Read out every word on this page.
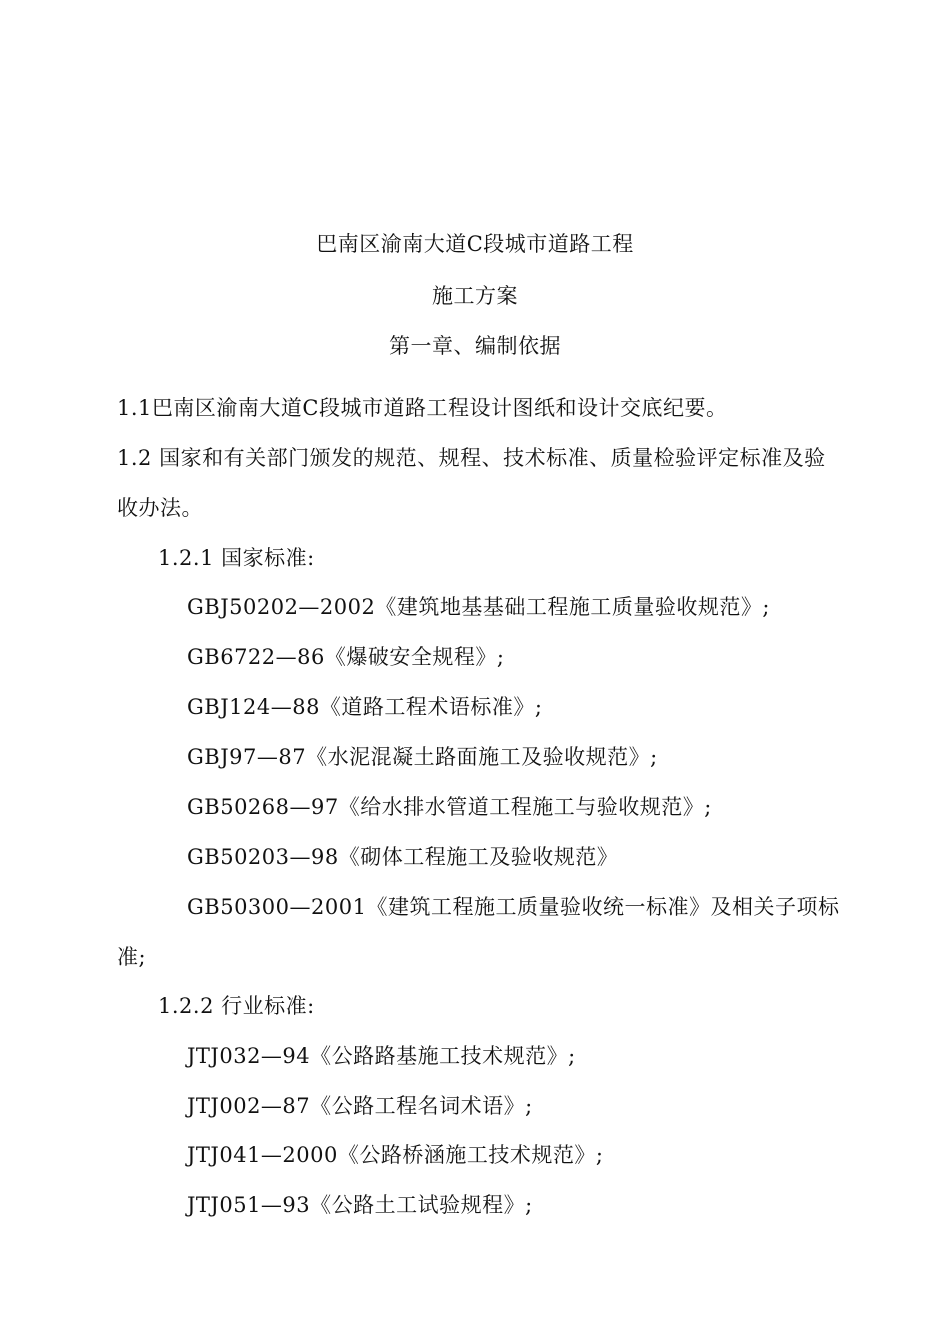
巴南区渝南大道C段城市道路工程
施工方案
第一章、编制依据
1.1巴南区渝南大道C段城市道路工程设计图纸和设计交底纪要。
1.2 国家和有关部门颁发的规范、规程、技术标准、质量检验评定标准及验
收办法。
1.2.1 国家标准:
GBJ50202—2002《建筑地基基础工程施工质量验收规范》;
GB6722—86《爆破安全规程》;
GBJ124—88《道路工程术语标准》;
GBJ97—87《水泥混凝土路面施工及验收规范》;
GB50268—97《给水排水管道工程施工与验收规范》;
GB50203—98《砌体工程施工及验收规范》
GB50300—2001《建筑工程施工质量验收统一标准》及相关子项标
准;
1.2.2 行业标准:
JTJ032—94《公路路基施工技术规范》;
JTJ002—87《公路工程名词术语》;
JTJ041—2000《公路桥涵施工技术规范》;
JTJ051—93《公路土工试验规程》;
